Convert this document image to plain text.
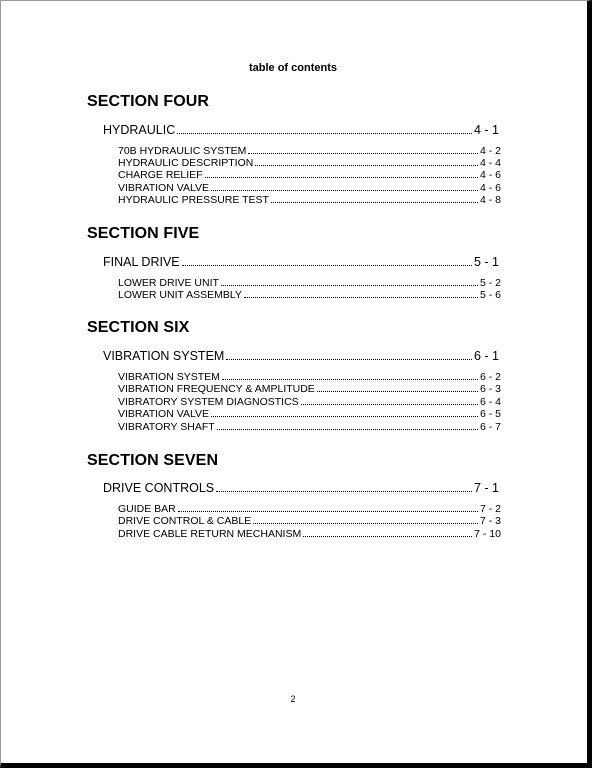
table of contents
SECTION FOUR
HYDRAULIC	4 - 1
70B HYDRAULIC SYSTEM	4 - 2
HYDRAULIC DESCRIPTION	4 - 4
CHARGE RELIEF	4 - 6
VIBRATION VALVE	4 - 6
HYDRAULIC PRESSURE TEST	4 - 8
SECTION FIVE
FINAL DRIVE	5 - 1
LOWER DRIVE UNIT	5 - 2
LOWER UNIT ASSEMBLY	5 - 6
SECTION SIX
VIBRATION SYSTEM	6 - 1
VIBRATION SYSTEM	6 - 2
VIBRATION FREQUENCY & AMPLITUDE	6 - 3
VIBRATORY SYSTEM DIAGNOSTICS	6 - 4
VIBRATION VALVE	6 - 5
VIBRATORY SHAFT	6 - 7
SECTION SEVEN
DRIVE CONTROLS	7 - 1
GUIDE BAR	7 - 2
DRIVE CONTROL & CABLE	7 - 3
DRIVE CABLE RETURN MECHANISM	7 - 10
2
